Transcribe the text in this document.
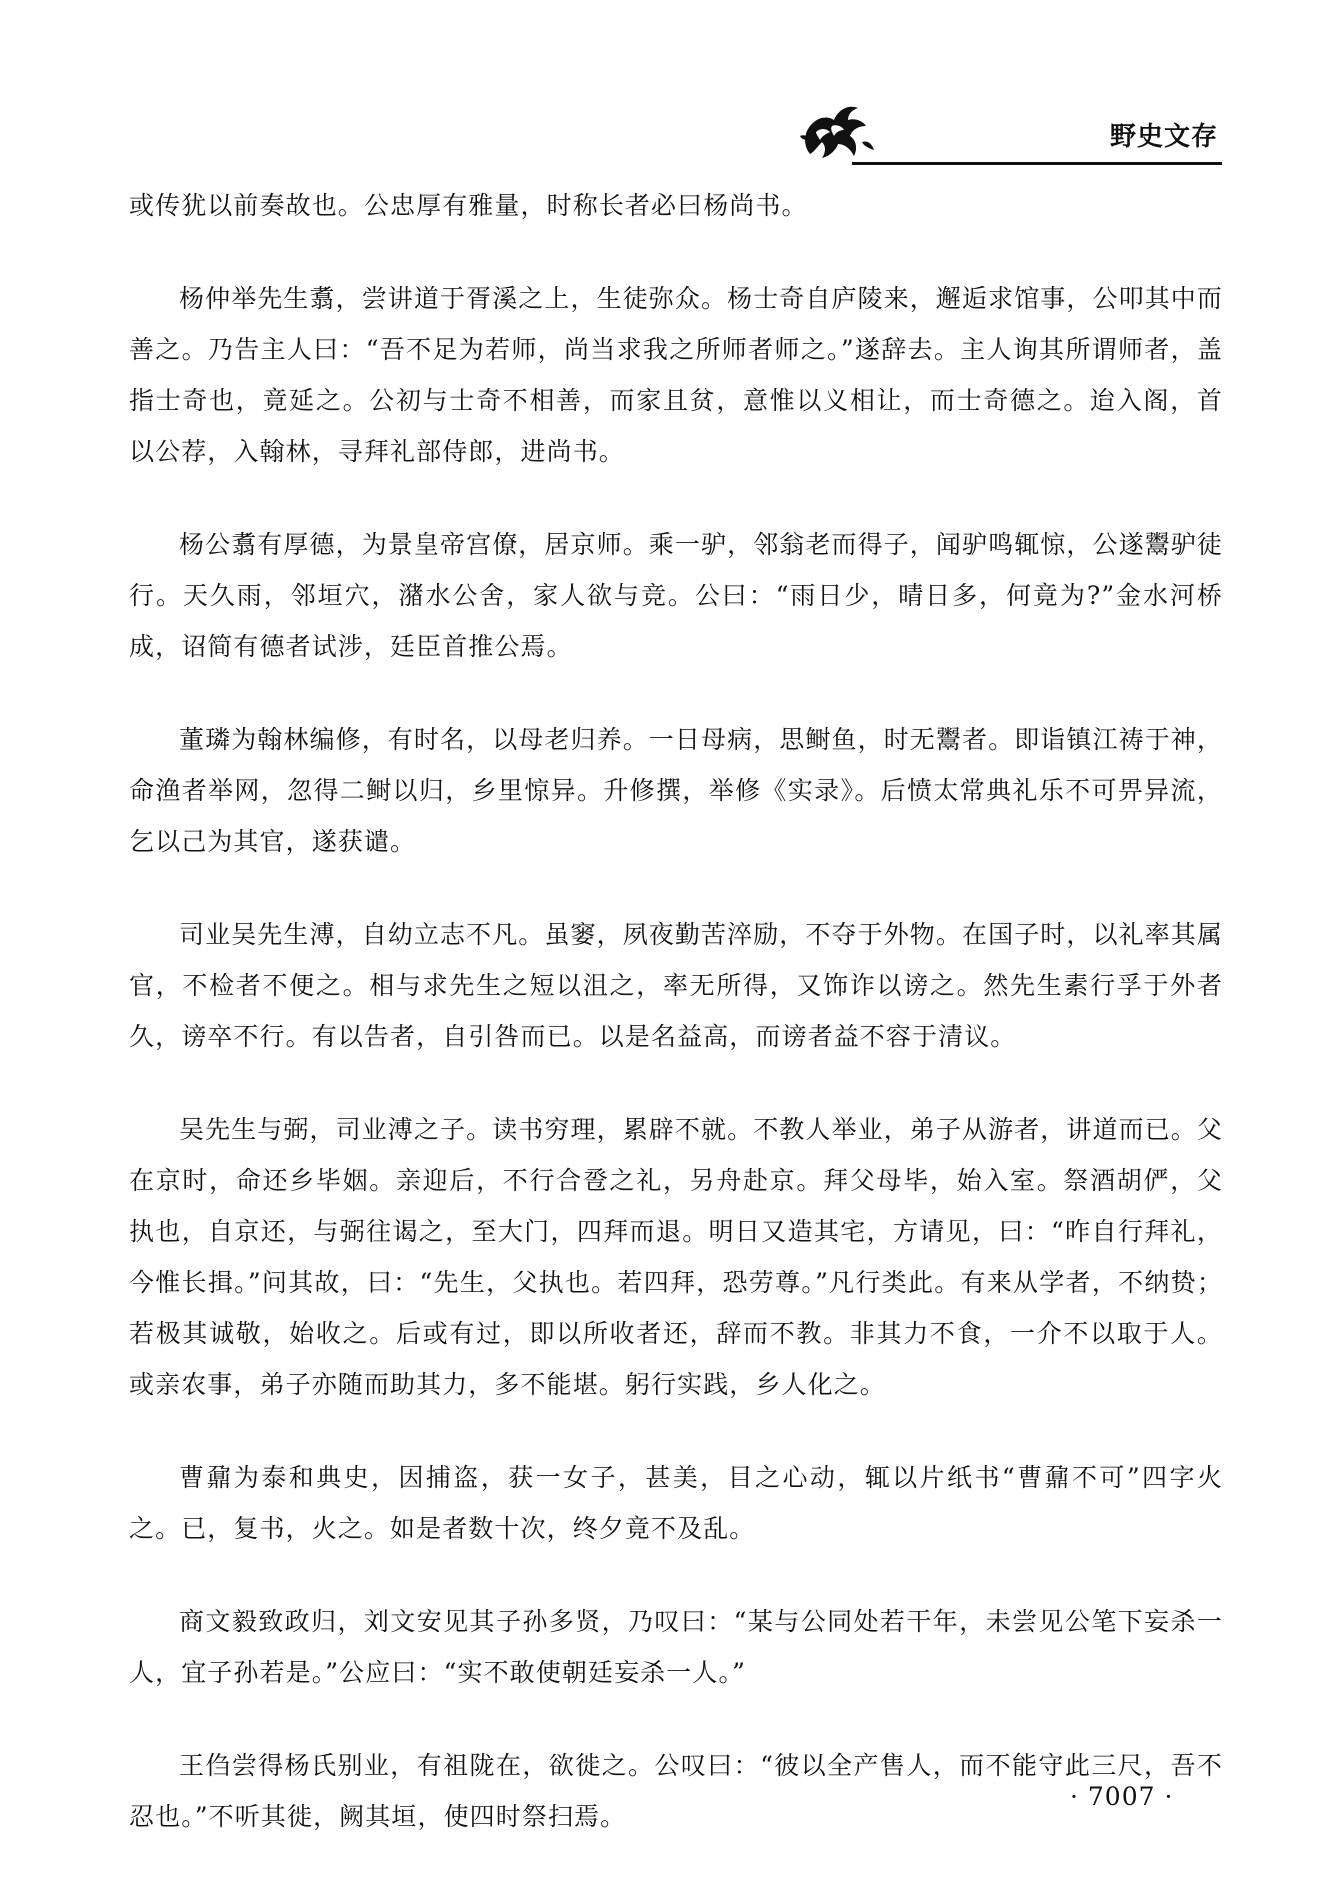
野史文存

或传犹以前奏故也。公忠厚有雅量，时称长者必曰杨尚书。

杨仲举先生翥，尝讲道于胥溪之上，生徒弥众。杨士奇自庐陵来，邂逅求馆事，公叩其中而善之。乃告主人曰：“吾不足为若师，尚当求我之所师者师之。”遂辞去。主人询其所谓师者，盖指士奇也，竟延之。公初与士奇不相善，而家且贫，意惟以义相让，而士奇德之。迨入阁，首以公荐，入翰林，寻拜礼部侍郎，进尚书。

杨公翥有厚德，为景皇帝宫僚，居京师。乘一驴，邻翁老而得子，闻驴鸣辄惊，公遂鬻驴徒行。天久雨，邻垣穴，潴水公舍，家人欲与竞。公曰：“雨日少，晴日多，何竟为?”金水河桥成，诏简有德者试涉，廷臣首推公焉。

董璘为翰林编修，有时名，以母老归养。一日母病，思鲥鱼，时无鬻者。即诣镇江祷于神，命渔者举网，忽得二鲥以归，乡里惊异。升修撰，举修《实录》。后愤太常典礼乐不可畀异流，乞以己为其官，遂获谴。

司业吴先生溥，自幼立志不凡。虽窭，夙夜勤苦淬励，不夺于外物。在国子时，以礼率其属官，不检者不便之。相与求先生之短以沮之，率无所得，又饰诈以谤之。然先生素行孚于外者久，谤卒不行。有以告者，自引咎而已。以是名益高，而谤者益不容于清议。

吴先生与弼，司业溥之子。读书穷理，累辟不就。不教人举业，弟子从游者，讲道而已。父在京时，命还乡毕姻。亲迎后，不行合卺之礼，另舟赴京。拜父母毕，始入室。祭酒胡俨，父执也，自京还，与弼往谒之，至大门，四拜而退。明日又造其宅，方请见，曰：“昨自行拜礼，今惟长揖。”问其故，曰：“先生，父执也。若四拜，恐劳尊。”凡行类此。有来从学者，不纳贽；若极其诚敬，始收之。后或有过，即以所收者还，辞而不教。非其力不食，一介不以取于人。或亲农事，弟子亦随而助其力，多不能堪。躬行实践，乡人化之。

曹鼐为泰和典史，因捕盗，获一女子，甚美，目之心动，辄以片纸书“曹鼐不可”四字火之。已，复书，火之。如是者数十次，终夕竟不及乱。

商文毅致政归，刘文安见其子孙多贤，乃叹曰：“某与公同处若干年，未尝见公笔下妄杀一人，宜子孙若是。”公应曰：“实不敢使朝廷妄杀一人。”

王㑇尝得杨氏别业，有祖陇在，欲徙之。公叹曰：“彼以全产售人，而不能守此三尺，吾不忍也。”不听其徙，阙其垣，使四时祭扫焉。

· 7007 ·
